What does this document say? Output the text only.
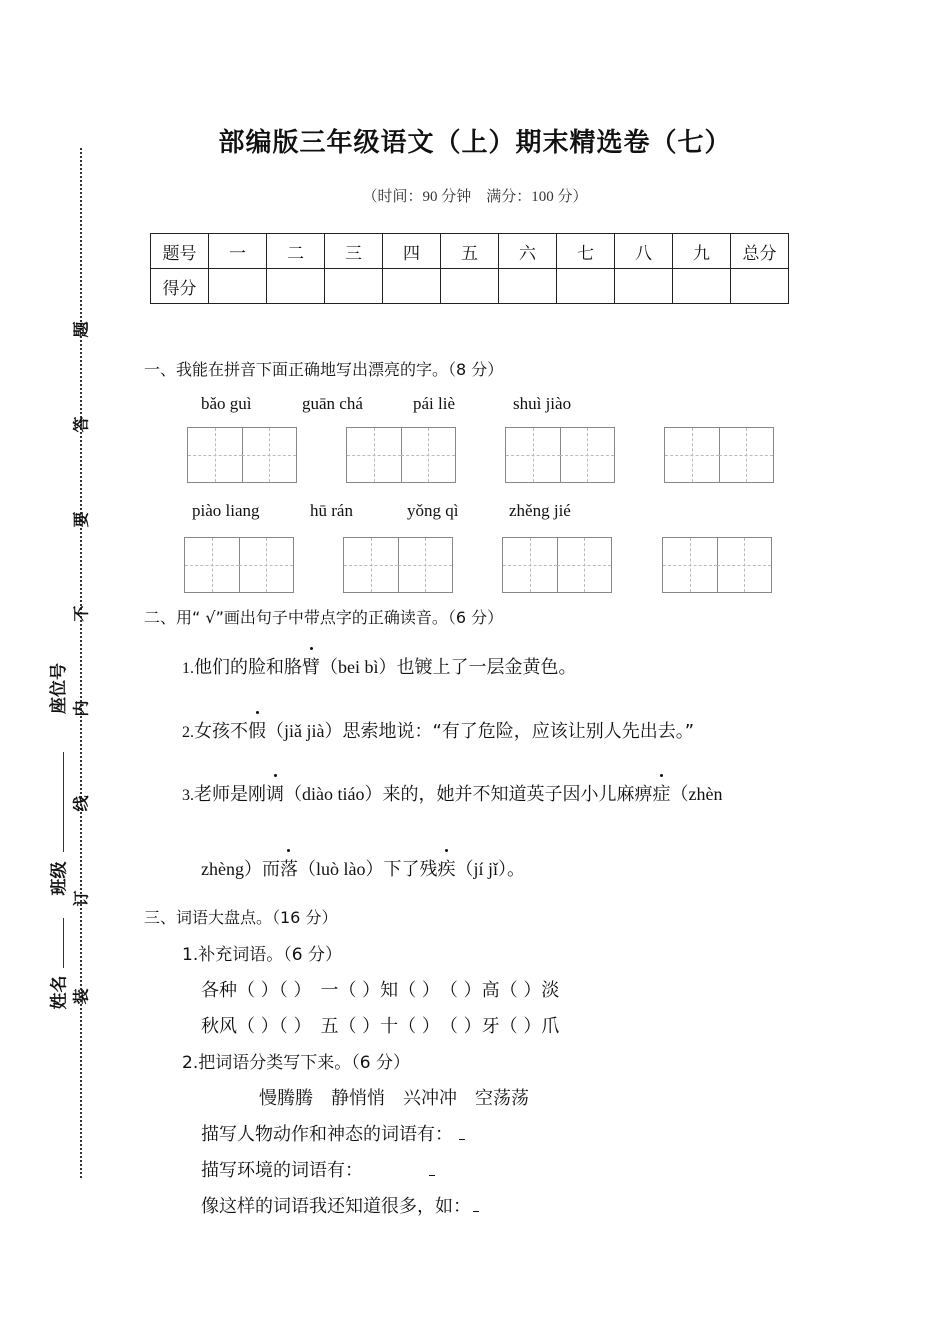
题
答
要
不
内
线
订
装
座位号
班级
姓名
部编版三年级语文（上）期末精选卷（七）
（时间：90 分钟　满分：100 分）
题号	一	二	三	四	五	六	七	八	九	总分
得分										
一、我能在拼音下面正确地写出漂亮的字。（8 分）
bǎo guì	guān chá	pái liè	shuì jiào
piào liang	hū rán	yǒng qì	zhěng jié
二、用“ √”画出句子中带点字的正确读音。（6 分）
1.他们的脸和胳臂（bei bì）也镀上了一层金黄色。
2.女孩不假（jiǎ jià）思索地说：“有了危险，应该让别人先出去。”
3.老师是刚调（diào tiáo）来的，她并不知道英子因小儿麻痹症（zhèn
zhèng）而落（luò lào）下了残疾（jí jǐ）。
三、词语大盘点。（16 分）
1.补充词语。（6 分）
各种（ ）（ ）　一（ ）知（ ）　（ ）高（ ）淡
秋风（ ）（ ）　五（ ）十（ ）　（ ）牙（ ）爪
2.把词语分类写下来。（6 分）
慢腾腾　静悄悄　兴冲冲　空荡荡
描写人物动作和神态的词语有：
描写环境的词语有：
像这样的词语我还知道很多，如：
